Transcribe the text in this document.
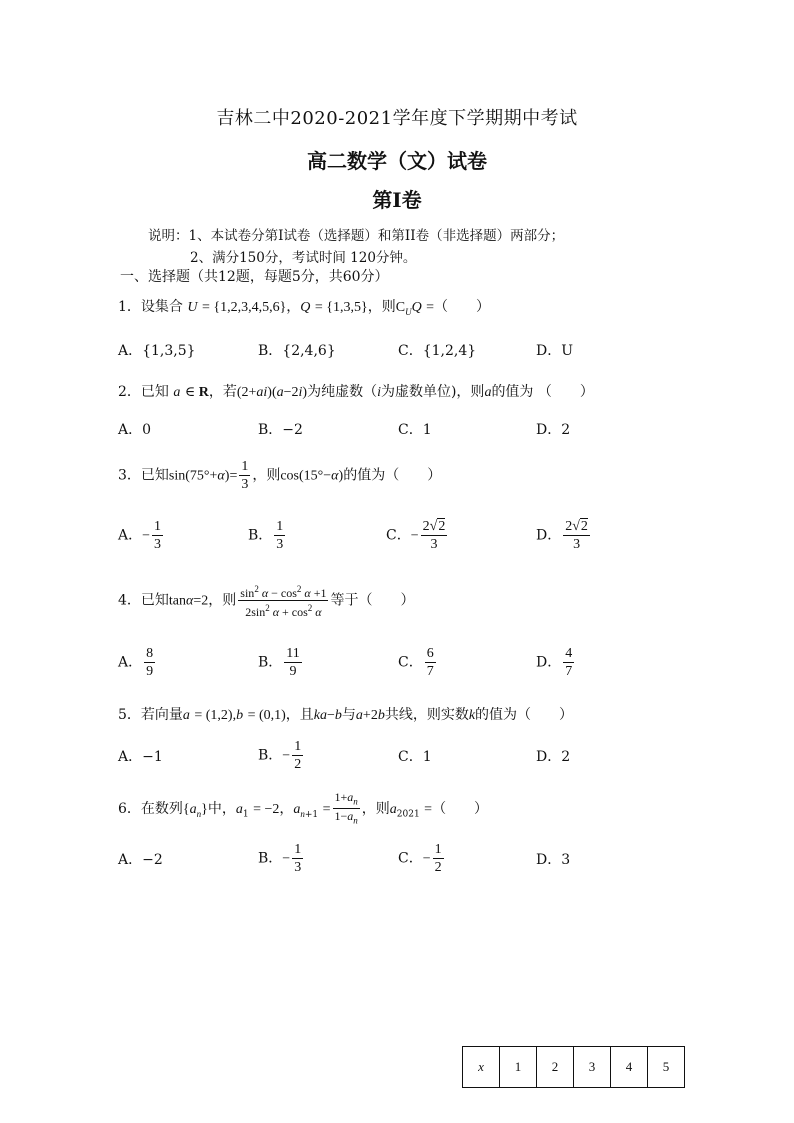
吉林二中2020-2021学年度下学期期中考试
高二数学（文）试卷
第Ⅰ卷
说明：1、本试卷分第Ⅰ试卷（选择题）和第II卷（非选择题）两部分；
2、满分150分，考试时间 120分钟。
一、选择题（共12题，每题5分，共60分）
1．设集合 U = {1,2,3,4,5,6}，Q = {1,3,5}，则$C_UQ$ =（　　）
A．{1,3,5}	B．{2,4,6}	C．{1,2,4}	D．U
2．已知 a ∈ R，若(2+ai)(a−2i)为纯虚数（i为虚数单位)，则a的值为 （　　）
A．0	B．−2	C．1	D．2
3．已知$\sin(75^\circ+\alpha)= \frac{1}{3}$ ，则cos(15°−α)的值为（　　）
A．− $\frac{1}{3}$	B． $\frac{1}{3}$	C．− $\frac{2√2}{3}$	D． $\frac{2√2}{3}$
4．已知tanα=2，则 $\frac{\sin^2 \alpha - \cos^2 \alpha +1}{2\sin^2 \alpha + \cos^2 \alpha}$ 等于（　　）
A． $\frac{8}{9}$	B． $\frac{11}{9}$	C． $\frac{6}{7}$	D． $\frac{4}{7}$
5．若向量a = (1,2),b = (0,1)，且ka−b与a+2b共线，则实数k的值为（　　）
A．−1	B．− $\frac{1}{2}$	C．1	D．2
6．在数列$\{a_n\}$中，$a_1 = -2$，$a_{n+1} = \frac{1+a_n}{1-a_n}$ ，则$a_{2021}$ =（　　）
A．−2	B．− $\frac{1}{3}$	C．− $\frac{1}{2}$	D．3
x	1	2	3	4	5
